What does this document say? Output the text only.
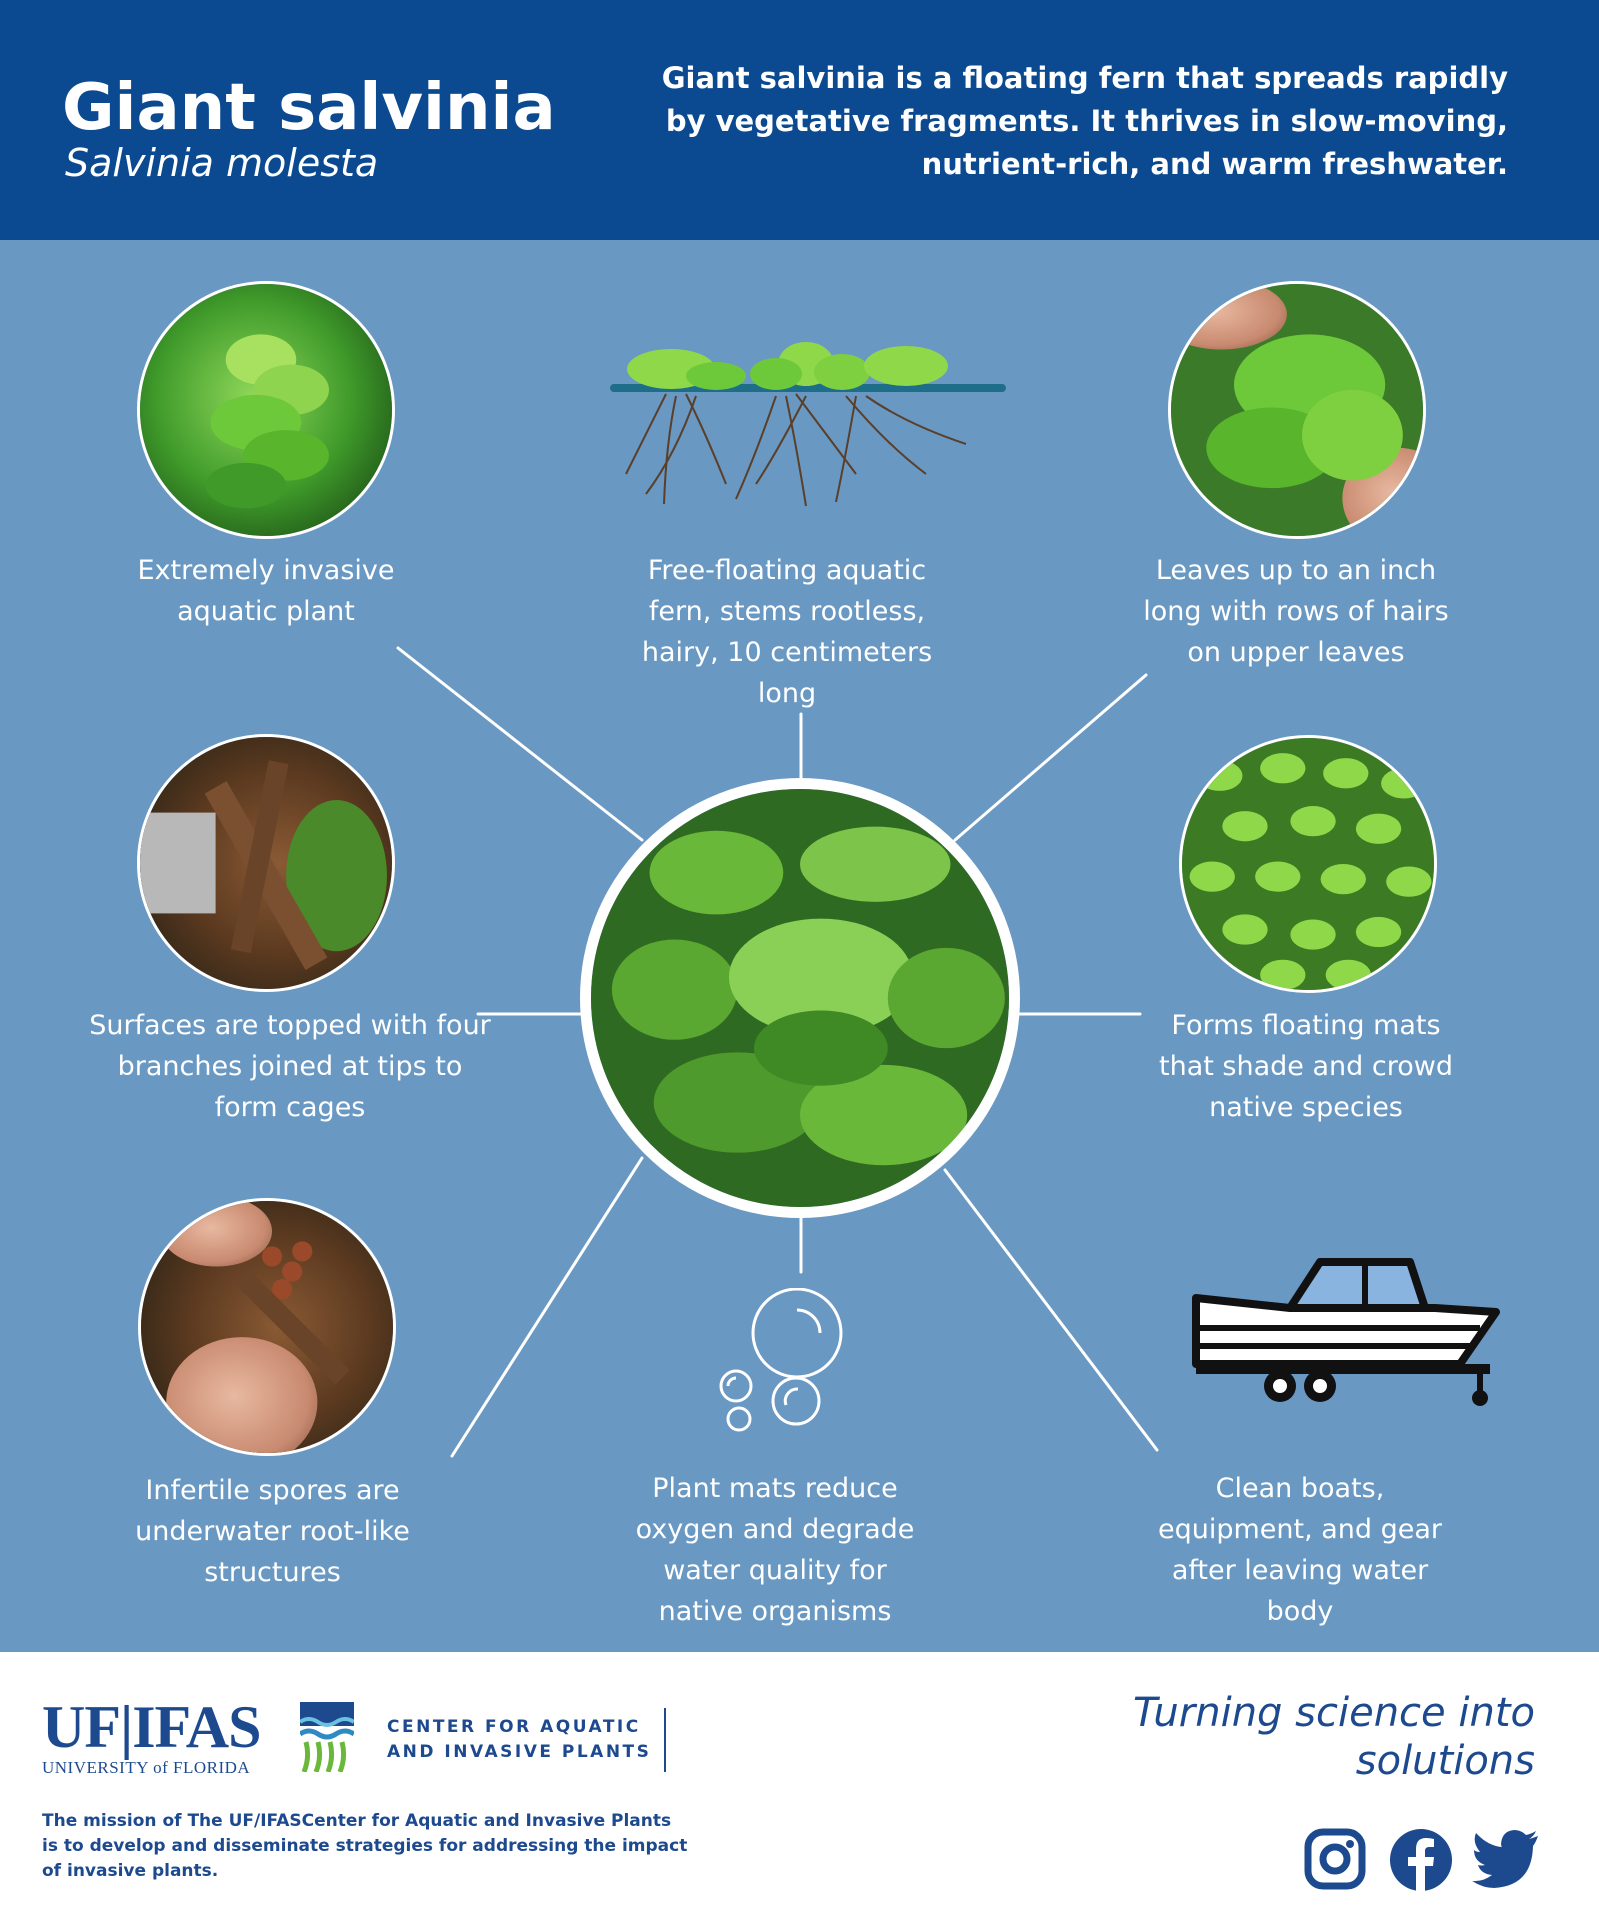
Giant salvinia
Salvinia molesta
Giant salvinia is a floating fern that spreads rapidly by vegetative fragments. It thrives in slow-moving, nutrient-rich, and warm freshwater.
Extremely invasive aquatic plant
Free-floating aquatic fern, stems rootless, hairy, 10 centimeters long
Leaves up to an inch long with rows of hairs on upper leaves
Surfaces are topped with four branches joined at tips to form cages
Forms floating mats that shade and crowd native species
Infertile spores are underwater root-like structures
Plant mats reduce oxygen and degrade water quality for native organisms
Clean boats, equipment, and gear after leaving water body
UF|IFAS
UNIVERSITY of FLORIDA
CENTER FOR AQUATIC AND INVASIVE PLANTS
Turning science into solutions
The mission of The UF/IFASCenter for Aquatic and Invasive Plants is to develop and disseminate strategies for addressing the impact of invasive plants.
